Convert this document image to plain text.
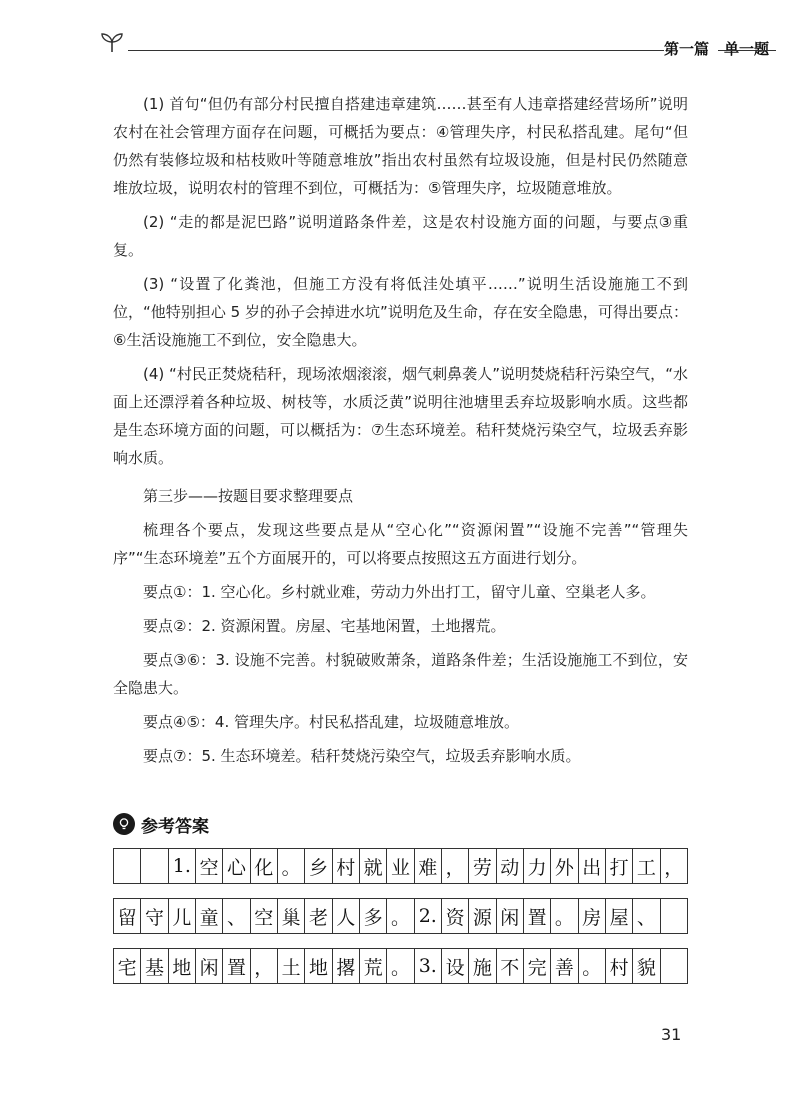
第一篇　单一题

(1) 首句“但仍有部分村民擅自搭建违章建筑……甚至有人违章搭建经营场所”说明农村在社会管理方面存在问题，可概括为要点：④管理失序，村民私搭乱建。尾句“但仍然有装修垃圾和枯枝败叶等随意堆放”指出农村虽然有垃圾设施，但是村民仍然随意堆放垃圾，说明农村的管理不到位，可概括为：⑤管理失序，垃圾随意堆放。

(2) “走的都是泥巴路”说明道路条件差，这是农村设施方面的问题，与要点③重复。

(3) “设置了化粪池，但施工方没有将低洼处填平……”说明生活设施施工不到位，“他特别担心 5 岁的孙子会掉进水坑”说明危及生命，存在安全隐患，可得出要点：⑥生活设施施工不到位，安全隐患大。

(4) “村民正焚烧秸秆，现场浓烟滚滚，烟气刺鼻袭人”说明焚烧秸秆污染空气，“水面上还漂浮着各种垃圾、树枝等，水质泛黄”说明往池塘里丢弃垃圾影响水质。这些都是生态环境方面的问题，可以概括为：⑦生态环境差。秸秆焚烧污染空气，垃圾丢弃影响水质。

第三步——按题目要求整理要点

梳理各个要点，发现这些要点是从“空心化”“资源闲置”“设施不完善”“管理失序”“生态环境差”五个方面展开的，可以将要点按照这五方面进行划分。

要点①：1. 空心化。乡村就业难，劳动力外出打工，留守儿童、空巢老人多。

要点②：2. 资源闲置。房屋、宅基地闲置，土地撂荒。

要点③⑥：3. 设施不完善。村貌破败萧条，道路条件差；生活设施施工不到位，安全隐患大。

要点④⑤：4. 管理失序。村民私搭乱建，垃圾随意堆放。

要点⑦：5. 生态环境差。秸秆焚烧污染空气，垃圾丢弃影响水质。

参考答案
1. 空 心 化 。 乡 村 就 业 难 ， 劳 动 力 外 出 打 工 ，
留 守 儿 童 、 空 巢 老 人 多 。 2. 资 源 闲 置 。 房 屋 、
宅 基 地 闲 置 ， 土 地 撂 荒 。 3. 设 施 不 完 善 。 村 貌
31
